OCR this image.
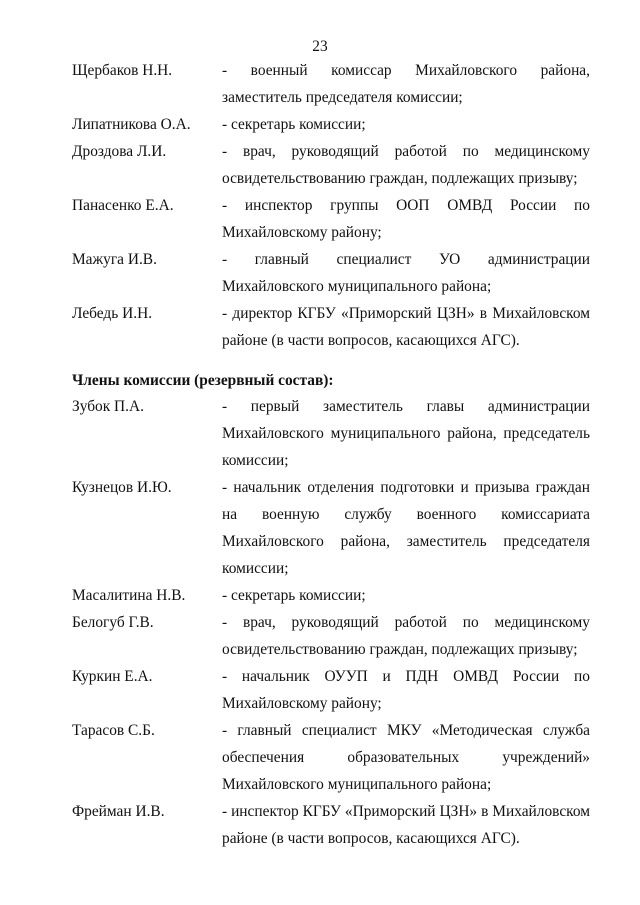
23
Щербаков Н.Н.	- военный комиссар Михайловского района, заместитель председателя комиссии;
Липатникова О.А.	- секретарь комиссии;
Дроздова Л.И.	- врач, руководящий работой по медицинскому освидетельствованию граждан, подлежащих призыву;
Панасенко Е.А.	- инспектор группы ООП ОМВД России по Михайловскому району;
Мажуга И.В.	- главный специалист УО администрации Михайловского муниципального района;
Лебедь И.Н.	- директор КГБУ «Приморский ЦЗН» в Михайловском районе (в части вопросов, касающихся АГС).
Члены комиссии (резервный состав):
Зубок П.А.	- первый заместитель главы администрации Михайловского муниципального района, председатель комиссии;
Кузнецов И.Ю.	- начальник отделения подготовки и призыва граждан на военную службу военного комиссариата Михайловского района, заместитель председателя комиссии;
Масалитина Н.В.	- секретарь комиссии;
Белогуб Г.В.	- врач, руководящий работой по медицинскому освидетельствованию граждан, подлежащих призыву;
Куркин Е.А.	- начальник ОУУП и ПДН ОМВД России по Михайловскому району;
Тарасов С.Б.	- главный специалист МКУ «Методическая служба обеспечения образовательных учреждений» Михайловского муниципального района;
Фрейман И.В.	- инспектор КГБУ «Приморский ЦЗН» в Михайловском районе (в части вопросов, касающихся АГС).
